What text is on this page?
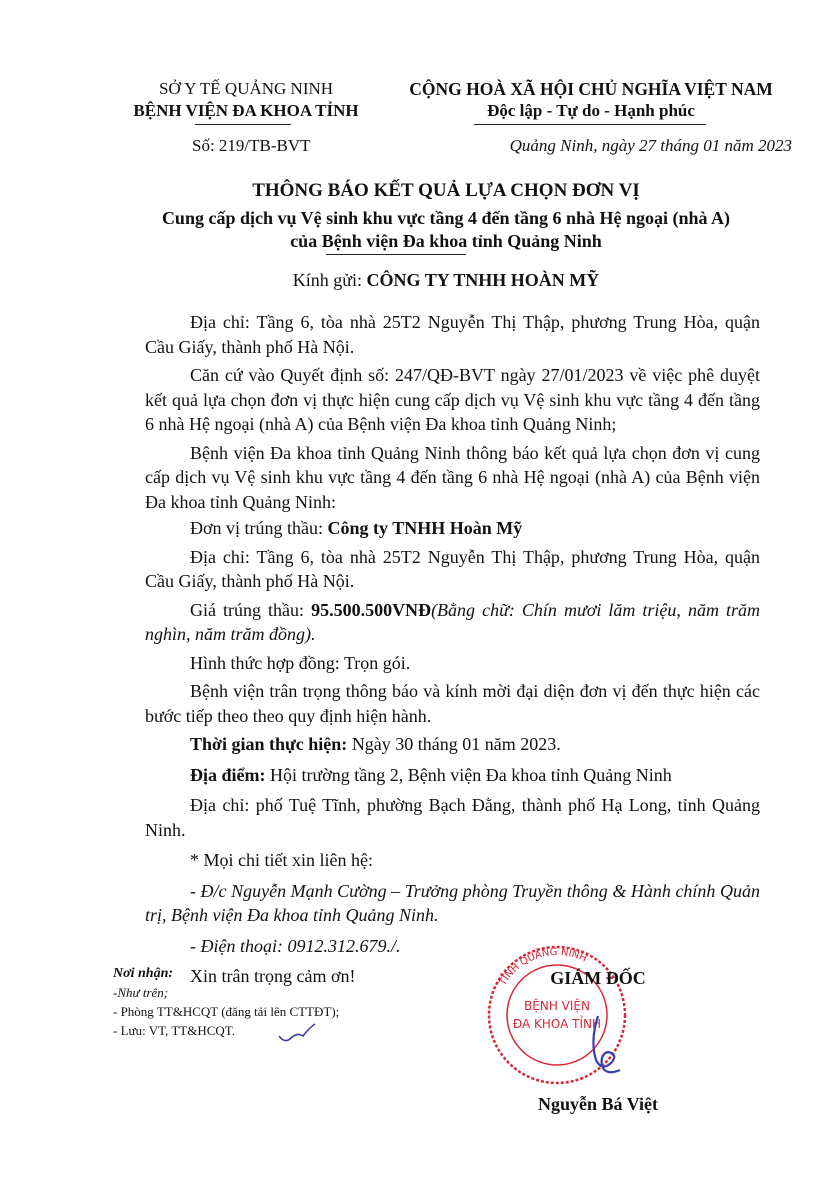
SỞ Y TẾ QUẢNG NINH
BỆNH VIỆN ĐA KHOA TỈNH
CỘNG HOÀ XÃ HỘI CHỦ NGHĨA VIỆT NAM
Độc lập - Tự do - Hạnh phúc
Số: 219/TB-BVT	Quảng Ninh, ngày 27 tháng 01 năm 2023
THÔNG BÁO KẾT QUẢ LỰA CHỌN ĐƠN VỊ
Cung cấp dịch vụ Vệ sinh khu vực tầng 4 đến tầng 6 nhà Hệ ngoại (nhà A) của Bệnh viện Đa khoa tỉnh Quảng Ninh
Kính gửi: CÔNG TY TNHH HOÀN MỸ

Địa chỉ: Tầng 6, tòa nhà 25T2 Nguyễn Thị Thập, phương Trung Hòa, quận Cầu Giấy, thành phố Hà Nội.

Căn cứ vào Quyết định số: 247/QĐ-BVT ngày 27/01/2023 về việc phê duyệt kết quả lựa chọn đơn vị thực hiện cung cấp dịch vụ Vệ sinh khu vực tầng 4 đến tầng 6 nhà Hệ ngoại (nhà A) của Bệnh viện Đa khoa tỉnh Quảng Ninh;

Bệnh viện Đa khoa tỉnh Quảng Ninh thông báo kết quả lựa chọn đơn vị cung cấp dịch vụ Vệ sinh khu vực tầng 4 đến tầng 6 nhà Hệ ngoại (nhà A) của Bệnh viện Đa khoa tỉnh Quảng Ninh:

Đơn vị trúng thầu: Công ty TNHH Hoàn Mỹ

Địa chỉ: Tầng 6, tòa nhà 25T2 Nguyễn Thị Thập, phương Trung Hòa, quận Cầu Giấy, thành phố Hà Nội.

Giá trúng thầu: 95.500.500VNĐ(Bằng chữ: Chín mươi lăm triệu, năm trăm nghìn, năm trăm đồng).

Hình thức hợp đồng: Trọn gói.

Bệnh viện trân trọng thông báo và kính mời đại diện đơn vị đến thực hiện các bước tiếp theo theo quy định hiện hành.

Thời gian thực hiện: Ngày 30 tháng 01 năm 2023.

Địa điểm: Hội trường tầng 2, Bệnh viện Đa khoa tỉnh Quảng Ninh

Địa chỉ: phố Tuệ Tĩnh, phường Bạch Đằng, thành phố Hạ Long, tỉnh Quảng Ninh.

* Mọi chi tiết xin liên hệ:

- Đ/c Nguyễn Mạnh Cường – Trưởng phòng Truyền thông & Hành chính Quản trị, Bệnh viện Đa khoa tỉnh Quảng Ninh.

- Điện thoại: 0912.312.679./.

Xin trân trọng cảm ơn!

Nơi nhận:
-Như trên;
- Phòng TT&HCQT (đăng tải lên CTTĐT);
- Lưu: VT, TT&HCQT.
TỈNH QUẢNG NINH
BỆNH VIỆN
ĐA KHOA TỈNH
GIÁM ĐỐC
Nguyễn Bá Việt
